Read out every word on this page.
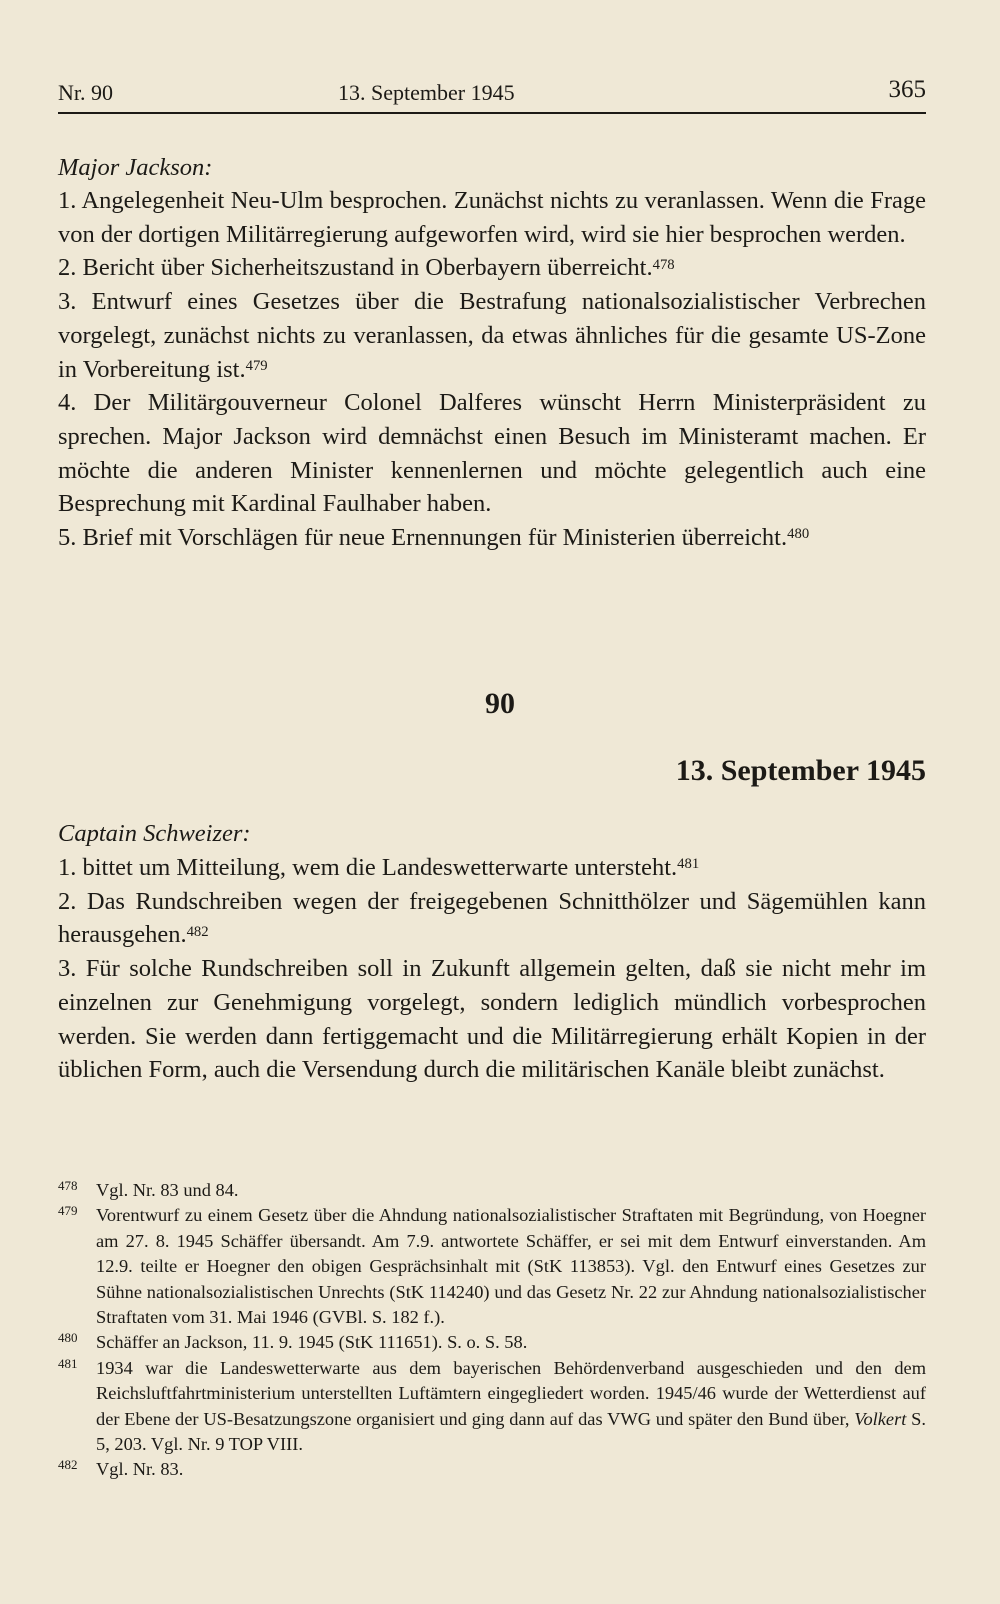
Nr. 90	13. September 1945	365
Major Jackson:

1. Angelegenheit Neu-Ulm besprochen. Zunächst nichts zu veranlassen. Wenn die Frage von der dortigen Militärregierung aufgeworfen wird, wird sie hier besprochen werden.

2. Bericht über Sicherheitszustand in Oberbayern überreicht.$^{478}$

3. Entwurf eines Gesetzes über die Bestrafung nationalsozialistischer Verbrechen vorgelegt, zunächst nichts zu veranlassen, da etwas ähnliches für die gesamte US-Zone in Vorbereitung ist.$^{479}$

4. Der Militärgouverneur Colonel Dalferes wünscht Herrn Ministerpräsident zu sprechen. Major Jackson wird demnächst einen Besuch im Ministeramt machen. Er möchte die anderen Minister kennenlernen und möchte gelegentlich auch eine Besprechung mit Kardinal Faulhaber haben.

5. Brief mit Vorschlägen für neue Ernennungen für Ministerien überreicht.$^{480}$

90
13. September 1945
Captain Schweizer:

1. bittet um Mitteilung, wem die Landeswetterwarte untersteht.$^{481}$

2. Das Rundschreiben wegen der freigegebenen Schnitthölzer und Sägemühlen kann herausgehen.$^{482}$

3. Für solche Rundschreiben soll in Zukunft allgemein gelten, daß sie nicht mehr im einzelnen zur Genehmigung vorgelegt, sondern lediglich mündlich vorbesprochen werden. Sie werden dann fertiggemacht und die Militärregierung erhält Kopien in der üblichen Form, auch die Versendung durch die militärischen Kanäle bleibt zunächst.

478 Vgl. Nr. 83 und 84.

479 Vorentwurf zu einem Gesetz über die Ahndung nationalsozialistischer Straftaten mit Begründung, von Hoegner am 27. 8. 1945 Schäffer übersandt. Am 7.9. antwortete Schäffer, er sei mit dem Entwurf einverstanden. Am 12.9. teilte er Hoegner den obigen Gesprächsinhalt mit (StK 113853). Vgl. den Entwurf eines Gesetzes zur Sühne nationalsozialistischen Unrechts (StK 114240) und das Gesetz Nr. 22 zur Ahndung nationalsozialistischer Straftaten vom 31. Mai 1946 (GVBl. S. 182 f.).

480 Schäffer an Jackson, 11. 9. 1945 (StK 111651). S. o. S. 58.

481 1934 war die Landeswetterwarte aus dem bayerischen Behördenverband ausgeschieden und den dem Reichsluftfahrtministerium unterstellten Luftämtern eingegliedert worden. 1945/46 wurde der Wetterdienst auf der Ebene der US-Besatzungszone organisiert und ging dann auf das VWG und später den Bund über, Volkert S. 5, 203. Vgl. Nr. 9 TOP VIII.

482 Vgl. Nr. 83.
